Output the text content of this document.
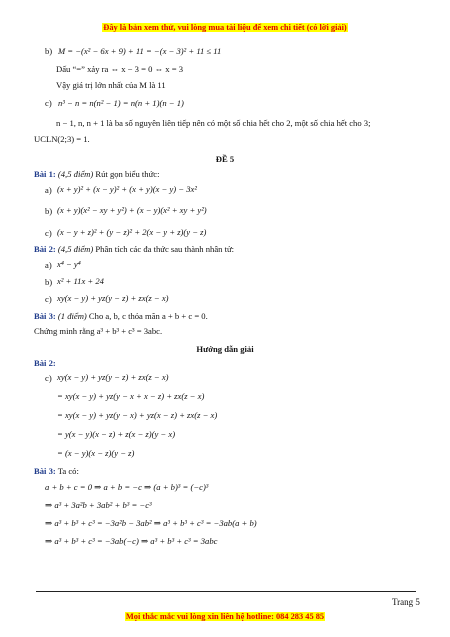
Đây là bản xem thử, vui lòng mua tài liệu để xem chi tiết (có lời giải)
b) M = −(x² − 6x + 9) + 11 = −(x − 3)² + 11 ≤ 11
Dấu “=” xảy ra ⇔ x − 3 = 0 ⇔ x = 3
Vậy giá trị lớn nhất của M là 11
c) n³ − n = n(n² − 1) = n(n + 1)(n − 1)
n − 1, n, n + 1 là ba số nguyên liên tiếp nên có một số chia hết cho 2, một số chia hết cho 3;
UCLN(2;3) = 1.
ĐỀ 5
Bài 1: (4,5 điểm) Rút gọn biểu thức:
a) (x + y)² + (x − y)² + (x + y)(x − y) − 3x²
b) (x + y)(x² − xy + y²) + (x − y)(x² + xy + y²)
c) (x − y + z)² + (y − z)² + 2(x − y + z)(y − z)
Bài 2: (4,5 điểm) Phân tích các đa thức sau thành nhân tử:
a) x⁴ − y⁴
b) x² + 11x + 24
c) xy(x − y) + yz(y − z) + zx(z − x)
Bài 3: (1 điểm) Cho a, b, c thỏa mãn a + b + c = 0.
Chứng minh rằng a³ + b³ + c³ = 3abc.
Hướng dẫn giải
Bài 2:
c) xy(x − y) + yz(y − z) + zx(z − x)
= xy(x − y) + yz(y − x + x − z) + zx(z − x)
= xy(x − y) + yz(y − x) + yz(x − z) + zx(z − x)
= y(x − y)(x − z) + z(x − z)(y − x)
= (x − y)(x − z)(y − z)
Bài 3: Ta có:
a + b + c = 0 ⇒ a + b = −c ⇒ (a + b)³ = (−c)³
⇒ a³ + 3a²b + 3ab² + b³ = −c³
⇒ a³ + b³ + c³ = −3a²b − 3ab² ⇒ a³ + b³ + c³ = −3ab(a + b)
⇒ a³ + b³ + c³ = −3ab(−c) ⇒ a³ + b³ + c³ = 3abc
Trang 5
Mọi thắc mắc vui lòng xin liên hệ hotline: 084 283 45 85
